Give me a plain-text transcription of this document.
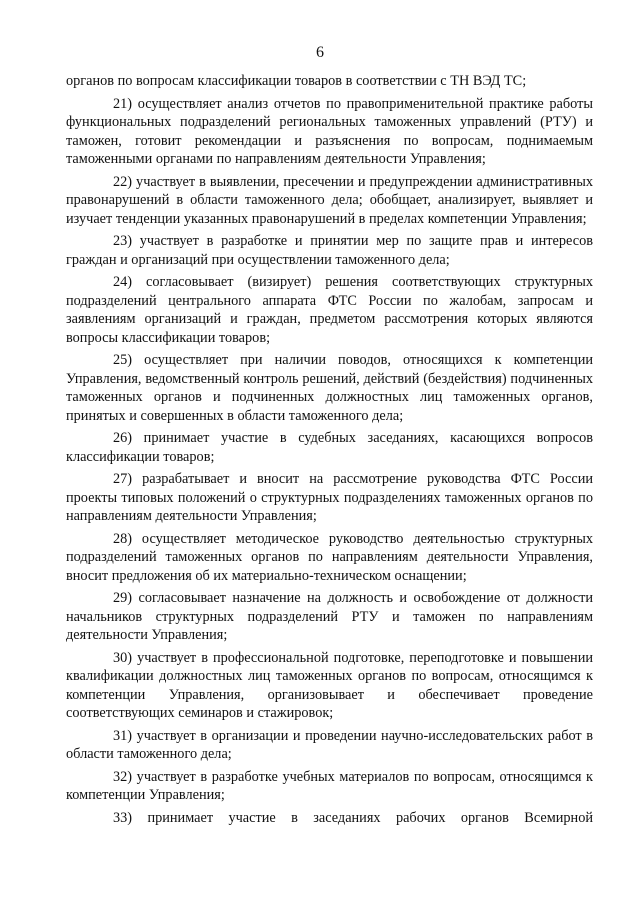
6

органов по вопросам классификации товаров в соответствии с ТН ВЭД ТС;

21) осуществляет анализ отчетов по правоприменительной практике работы функциональных подразделений региональных таможенных управлений (РТУ) и таможен, готовит рекомендации и разъяснения по вопросам, поднимаемым таможенными органами по направлениям деятельности Управления;

22) участвует в выявлении, пресечении и предупреждении административных правонарушений в области таможенного дела; обобщает, анализирует, выявляет и изучает тенденции указанных правонарушений в пределах компетенции Управления;

23) участвует в разработке и принятии мер по защите прав и интересов граждан и организаций при осуществлении таможенного дела;

24) согласовывает (визирует) решения соответствующих структурных подразделений центрального аппарата ФТС России по жалобам, запросам и заявлениям организаций и граждан, предметом рассмотрения которых являются вопросы классификации товаров;

25) осуществляет при наличии поводов, относящихся к компетенции Управления, ведомственный контроль решений, действий (бездействия) подчиненных таможенных органов и подчиненных должностных лиц таможенных органов, принятых и совершенных в области таможенного дела;

26) принимает участие в судебных заседаниях, касающихся вопросов классификации товаров;

27) разрабатывает и вносит на рассмотрение руководства ФТС России проекты типовых положений о структурных подразделениях таможенных органов по направлениям деятельности Управления;

28) осуществляет методическое руководство деятельностью структурных подразделений таможенных органов по направлениям деятельности Управления, вносит предложения об их материально-техническом оснащении;

29) согласовывает назначение на должность и освобождение от должности начальников структурных подразделений РТУ и таможен по направлениям деятельности Управления;

30) участвует в профессиональной подготовке, переподготовке и повышении квалификации должностных лиц таможенных органов по вопросам, относящимся к компетенции Управления, организовывает и обеспечивает проведение соответствующих семинаров и стажировок;

31) участвует в организации и проведении научно-исследовательских работ в области таможенного дела;

32) участвует в разработке учебных материалов по вопросам, относящимся к компетенции Управления;

33) принимает участие в заседаниях рабочих органов Всемирной
